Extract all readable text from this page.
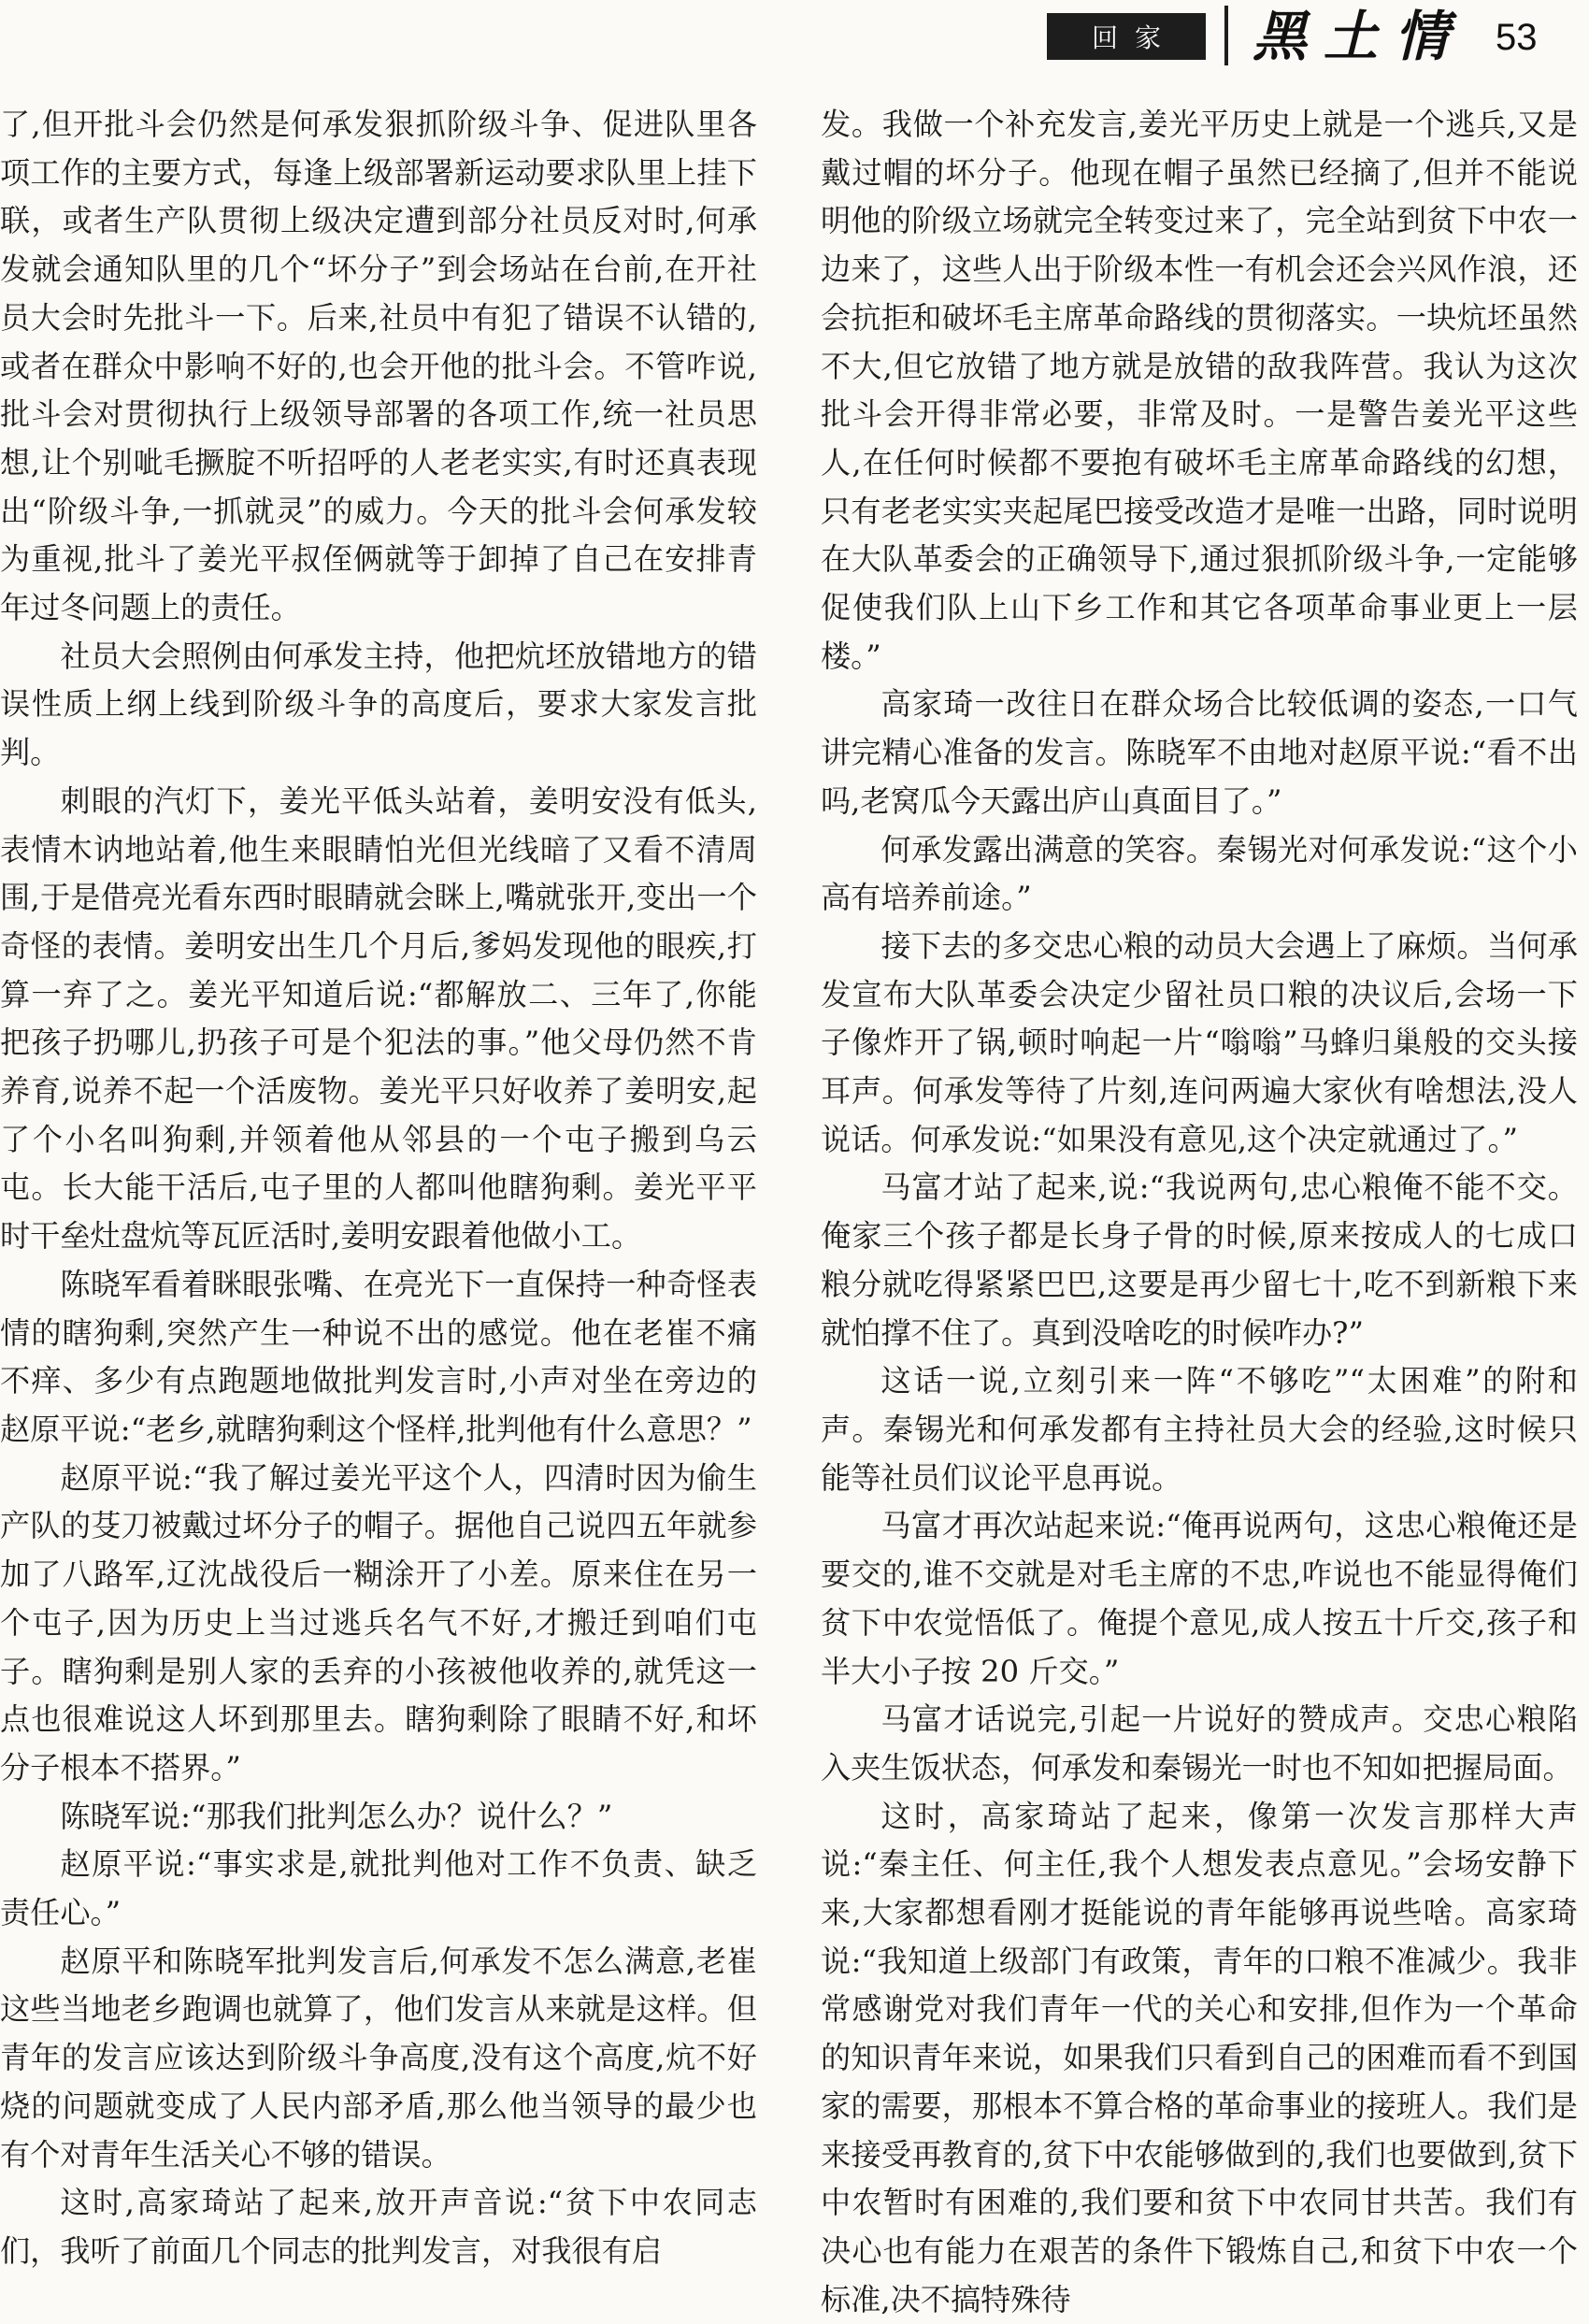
回家	黑土情 53

了,但开批斗会仍然是何承发狠抓阶级斗争、促进队里各项工作的主要方式，每逢上级部署新运动要求队里上挂下联，或者生产队贯彻上级决定遭到部分社员反对时,何承发就会通知队里的几个“坏分子”到会场站在台前,在开社员大会时先批斗一下。后来,社员中有犯了错误不认错的,或者在群众中影响不好的,也会开他的批斗会。不管咋说,批斗会对贯彻执行上级领导部署的各项工作,统一社员思想,让个别呲毛撅腚不听招呼的人老老实实,有时还真表现出“阶级斗争,一抓就灵”的威力。今天的批斗会何承发较为重视,批斗了姜光平叔侄俩就等于卸掉了自己在安排青年过冬问题上的责任。

社员大会照例由何承发主持，他把炕坯放错地方的错误性质上纲上线到阶级斗争的高度后，要求大家发言批判。

刺眼的汽灯下，姜光平低头站着，姜明安没有低头,表情木讷地站着,他生来眼睛怕光但光线暗了又看不清周围,于是借亮光看东西时眼睛就会眯上,嘴就张开,变出一个奇怪的表情。姜明安出生几个月后,爹妈发现他的眼疾,打算一弃了之。姜光平知道后说:“都解放二、三年了,你能把孩子扔哪儿,扔孩子可是个犯法的事。”他父母仍然不肯养育,说养不起一个活废物。姜光平只好收养了姜明安,起了个小名叫狗剩,并领着他从邻县的一个屯子搬到乌云屯。长大能干活后,屯子里的人都叫他瞎狗剩。姜光平平时干垒灶盘炕等瓦匠活时,姜明安跟着他做小工。

陈晓军看着眯眼张嘴、在亮光下一直保持一种奇怪表情的瞎狗剩,突然产生一种说不出的感觉。他在老崔不痛不痒、多少有点跑题地做批判发言时,小声对坐在旁边的赵原平说:“老乡,就瞎狗剩这个怪样,批判他有什么意思？”

赵原平说:“我了解过姜光平这个人，四清时因为偷生产队的芟刀被戴过坏分子的帽子。据他自己说四五年就参加了八路军,辽沈战役后一糊涂开了小差。原来住在另一个屯子,因为历史上当过逃兵名气不好,才搬迁到咱们屯子。瞎狗剩是别人家的丢弃的小孩被他收养的,就凭这一点也很难说这人坏到那里去。瞎狗剩除了眼睛不好,和坏分子根本不搭界。”

陈晓军说:“那我们批判怎么办？说什么？”

赵原平说:“事实求是,就批判他对工作不负责、缺乏责任心。”

赵原平和陈晓军批判发言后,何承发不怎么满意,老崔这些当地老乡跑调也就算了，他们发言从来就是这样。但青年的发言应该达到阶级斗争高度,没有这个高度,炕不好烧的问题就变成了人民内部矛盾,那么他当领导的最少也有个对青年生活关心不够的错误。

这时,高家琦站了起来,放开声音说:“贫下中农同志们，我听了前面几个同志的批判发言，对我很有启

发。我做一个补充发言,姜光平历史上就是一个逃兵,又是戴过帽的坏分子。他现在帽子虽然已经摘了,但并不能说明他的阶级立场就完全转变过来了，完全站到贫下中农一边来了，这些人出于阶级本性一有机会还会兴风作浪，还会抗拒和破坏毛主席革命路线的贯彻落实。一块炕坯虽然不大,但它放错了地方就是放错的敌我阵营。我认为这次批斗会开得非常必要，非常及时。一是警告姜光平这些人,在任何时候都不要抱有破坏毛主席革命路线的幻想，只有老老实实夹起尾巴接受改造才是唯一出路，同时说明在大队革委会的正确领导下,通过狠抓阶级斗争,一定能够促使我们队上山下乡工作和其它各项革命事业更上一层楼。”

高家琦一改往日在群众场合比较低调的姿态,一口气讲完精心准备的发言。陈晓军不由地对赵原平说:“看不出吗,老窝瓜今天露出庐山真面目了。”

何承发露出满意的笑容。秦锡光对何承发说:“这个小高有培养前途。”

接下去的多交忠心粮的动员大会遇上了麻烦。当何承发宣布大队革委会决定少留社员口粮的决议后,会场一下子像炸开了锅,顿时响起一片“嗡嗡”马蜂归巢般的交头接耳声。何承发等待了片刻,连问两遍大家伙有啥想法,没人说话。何承发说:“如果没有意见,这个决定就通过了。”

马富才站了起来,说:“我说两句,忠心粮俺不能不交。俺家三个孩子都是长身子骨的时候,原来按成人的七成口粮分就吃得紧紧巴巴,这要是再少留七十,吃不到新粮下来就怕撑不住了。真到没啥吃的时候咋办?”

这话一说,立刻引来一阵“不够吃”“太困难”的附和声。秦锡光和何承发都有主持社员大会的经验,这时候只能等社员们议论平息再说。

马富才再次站起来说:“俺再说两句，这忠心粮俺还是要交的,谁不交就是对毛主席的不忠,咋说也不能显得俺们贫下中农觉悟低了。俺提个意见,成人按五十斤交,孩子和半大小子按 20 斤交。”

马富才话说完,引起一片说好的赞成声。交忠心粮陷入夹生饭状态，何承发和秦锡光一时也不知如把握局面。

这时，高家琦站了起来，像第一次发言那样大声说:“秦主任、何主任,我个人想发表点意见。”会场安静下来,大家都想看刚才挺能说的青年能够再说些啥。高家琦说:“我知道上级部门有政策，青年的口粮不准减少。我非常感谢党对我们青年一代的关心和安排,但作为一个革命的知识青年来说，如果我们只看到自己的困难而看不到国家的需要，那根本不算合格的革命事业的接班人。我们是来接受再教育的,贫下中农能够做到的,我们也要做到,贫下中农暂时有困难的,我们要和贫下中农同甘共苦。我们有决心也有能力在艰苦的条件下锻炼自己,和贫下中农一个标准,决不搞特殊待
